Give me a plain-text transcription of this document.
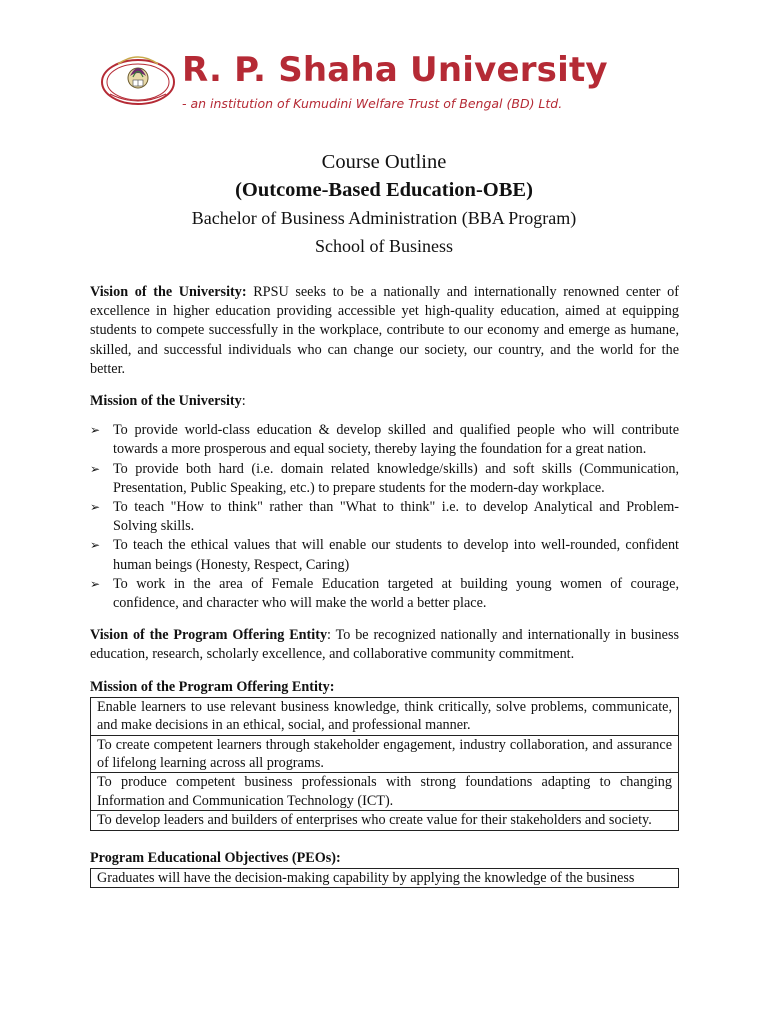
R. P. Shaha University
- an institution of Kumudini Welfare Trust of Bengal (BD) Ltd.
Course Outline
(Outcome-Based Education-OBE)
Bachelor of Business Administration (BBA Program)
School of Business

Vision of the University: RPSU seeks to be a nationally and internationally renowned center of excellence in higher education providing accessible yet high-quality education, aimed at equipping students to compete successfully in the workplace, contribute to our economy and emerge as humane, skilled, and successful individuals who can change our society, our country, and the world for the better.

Mission of the University:

➢ To provide world-class education & develop skilled and qualified people who will contribute towards a more prosperous and equal society, thereby laying the foundation for a great nation.
➢ To provide both hard (i.e. domain related knowledge/skills) and soft skills (Communication, Presentation, Public Speaking, etc.) to prepare students for the modern-day workplace.
➢ To teach "How to think" rather than "What to think" i.e. to develop Analytical and Problem-Solving skills.
➢ To teach the ethical values that will enable our students to develop into well-rounded, confident human beings (Honesty, Respect, Caring)
➢ To work in the area of Female Education targeted at building young women of courage, confidence, and character who will make the world a better place.

Vision of the Program Offering Entity: To be recognized nationally and internationally in business education, research, scholarly excellence, and collaborative community commitment.

Mission of the Program Offering Entity:

Enable learners to use relevant business knowledge, think critically, solve problems, communicate, and make decisions in an ethical, social, and professional manner.
To create competent learners through stakeholder engagement, industry collaboration, and assurance of lifelong learning across all programs.
To produce competent business professionals with strong foundations adapting to changing Information and Communication Technology (ICT).
To develop leaders and builders of enterprises who create value for their stakeholders and society.

Program Educational Objectives (PEOs):

Graduates will have the decision-making capability by applying the knowledge of the business
